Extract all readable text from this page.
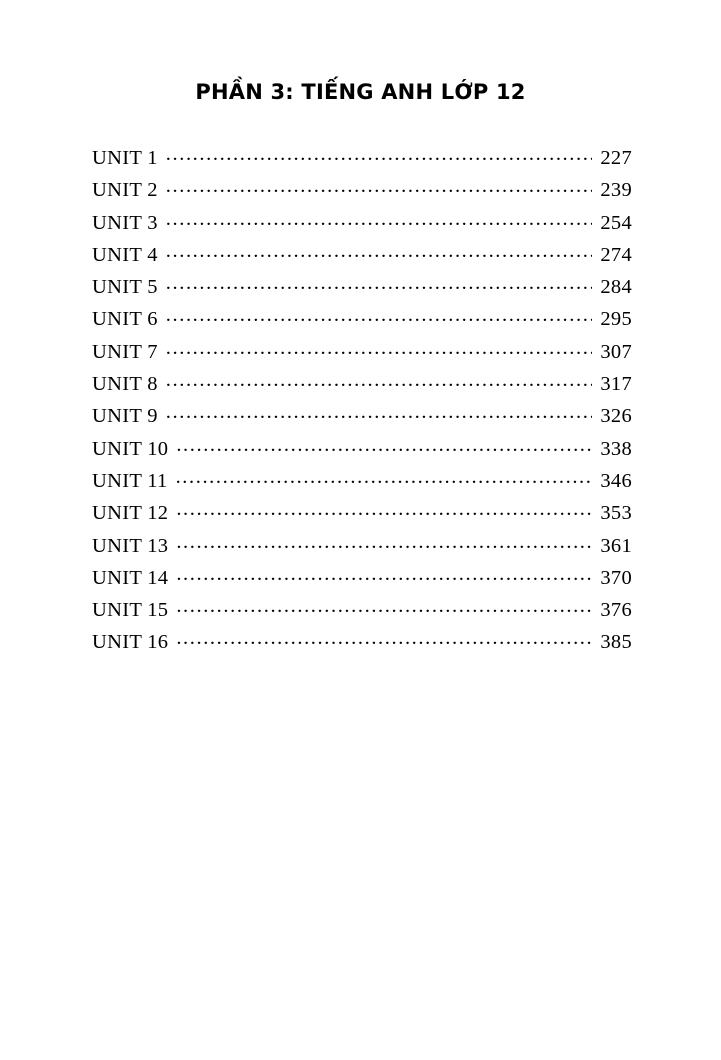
PHẦN 3: TIẾNG ANH LỚP 12
UNIT 1 .....	227
UNIT 2 .....	239
UNIT 3 .....	254
UNIT 4 .....	274
UNIT 5 .....	284
UNIT 6 .....	295
UNIT 7 .....	307
UNIT 8 .....	317
UNIT 9 .....	326
UNIT 10 .....	338
UNIT 11 .....	346
UNIT 12 .....	353
UNIT 13 .....	361
UNIT 14 .....	370
UNIT 15 .....	376
UNIT 16 .....	385
